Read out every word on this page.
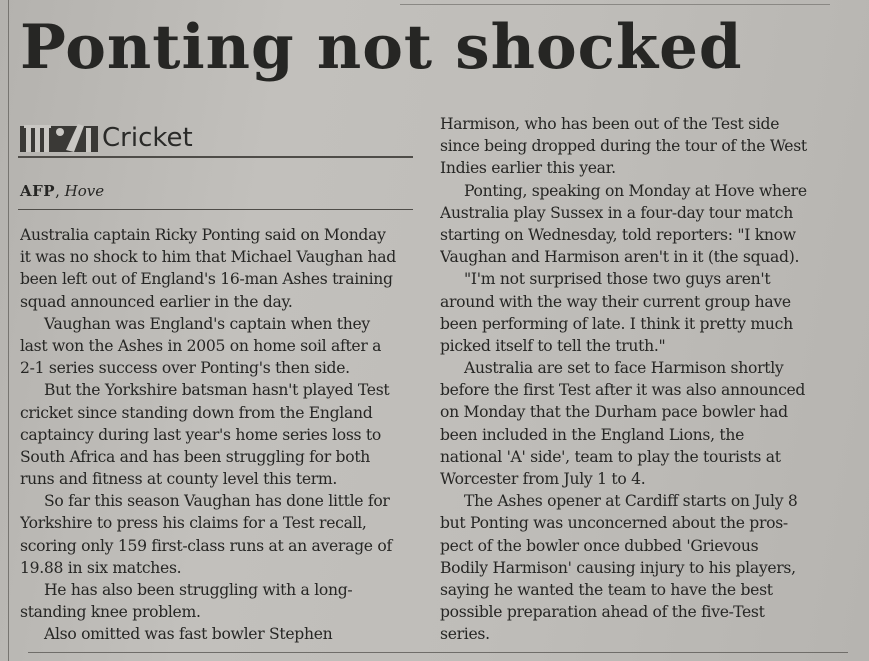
Ponting not shocked
Cricket
AFP, Hove

Australia captain Ricky Ponting said on Monday
it was no shock to him that Michael Vaughan had
been left out of England's 16-man Ashes training
squad announced earlier in the day.

Vaughan was England's captain when they
last won the Ashes in 2005 on home soil after a
2-1 series success over Ponting's then side.

But the Yorkshire batsman hasn't played Test
cricket since standing down from the England
captaincy during last year's home series loss to
South Africa and has been struggling for both
runs and fitness at county level this term.

So far this season Vaughan has done little for
Yorkshire to press his claims for a Test recall,
scoring only 159 first-class runs at an average of
19.88 in six matches.

He has also been struggling with a long-
standing knee problem.

Also omitted was fast bowler Stephen

Harmison, who has been out of the Test side
since being dropped during the tour of the West
Indies earlier this year.

Ponting, speaking on Monday at Hove where
Australia play Sussex in a four-day tour match
starting on Wednesday, told reporters: "I know
Vaughan and Harmison aren't in it (the squad).

"I'm not surprised those two guys aren't
around with the way their current group have
been performing of late. I think it pretty much
picked itself to tell the truth."

Australia are set to face Harmison shortly
before the first Test after it was also announced
on Monday that the Durham pace bowler had
been included in the England Lions, the
national 'A' side', team to play the tourists at
Worcester from July 1 to 4.

The Ashes opener at Cardiff starts on July 8
but Ponting was unconcerned about the pros-
pect of the bowler once dubbed 'Grievous
Bodily Harmison' causing injury to his players,
saying he wanted the team to have the best
possible preparation ahead of the five-Test
series.
